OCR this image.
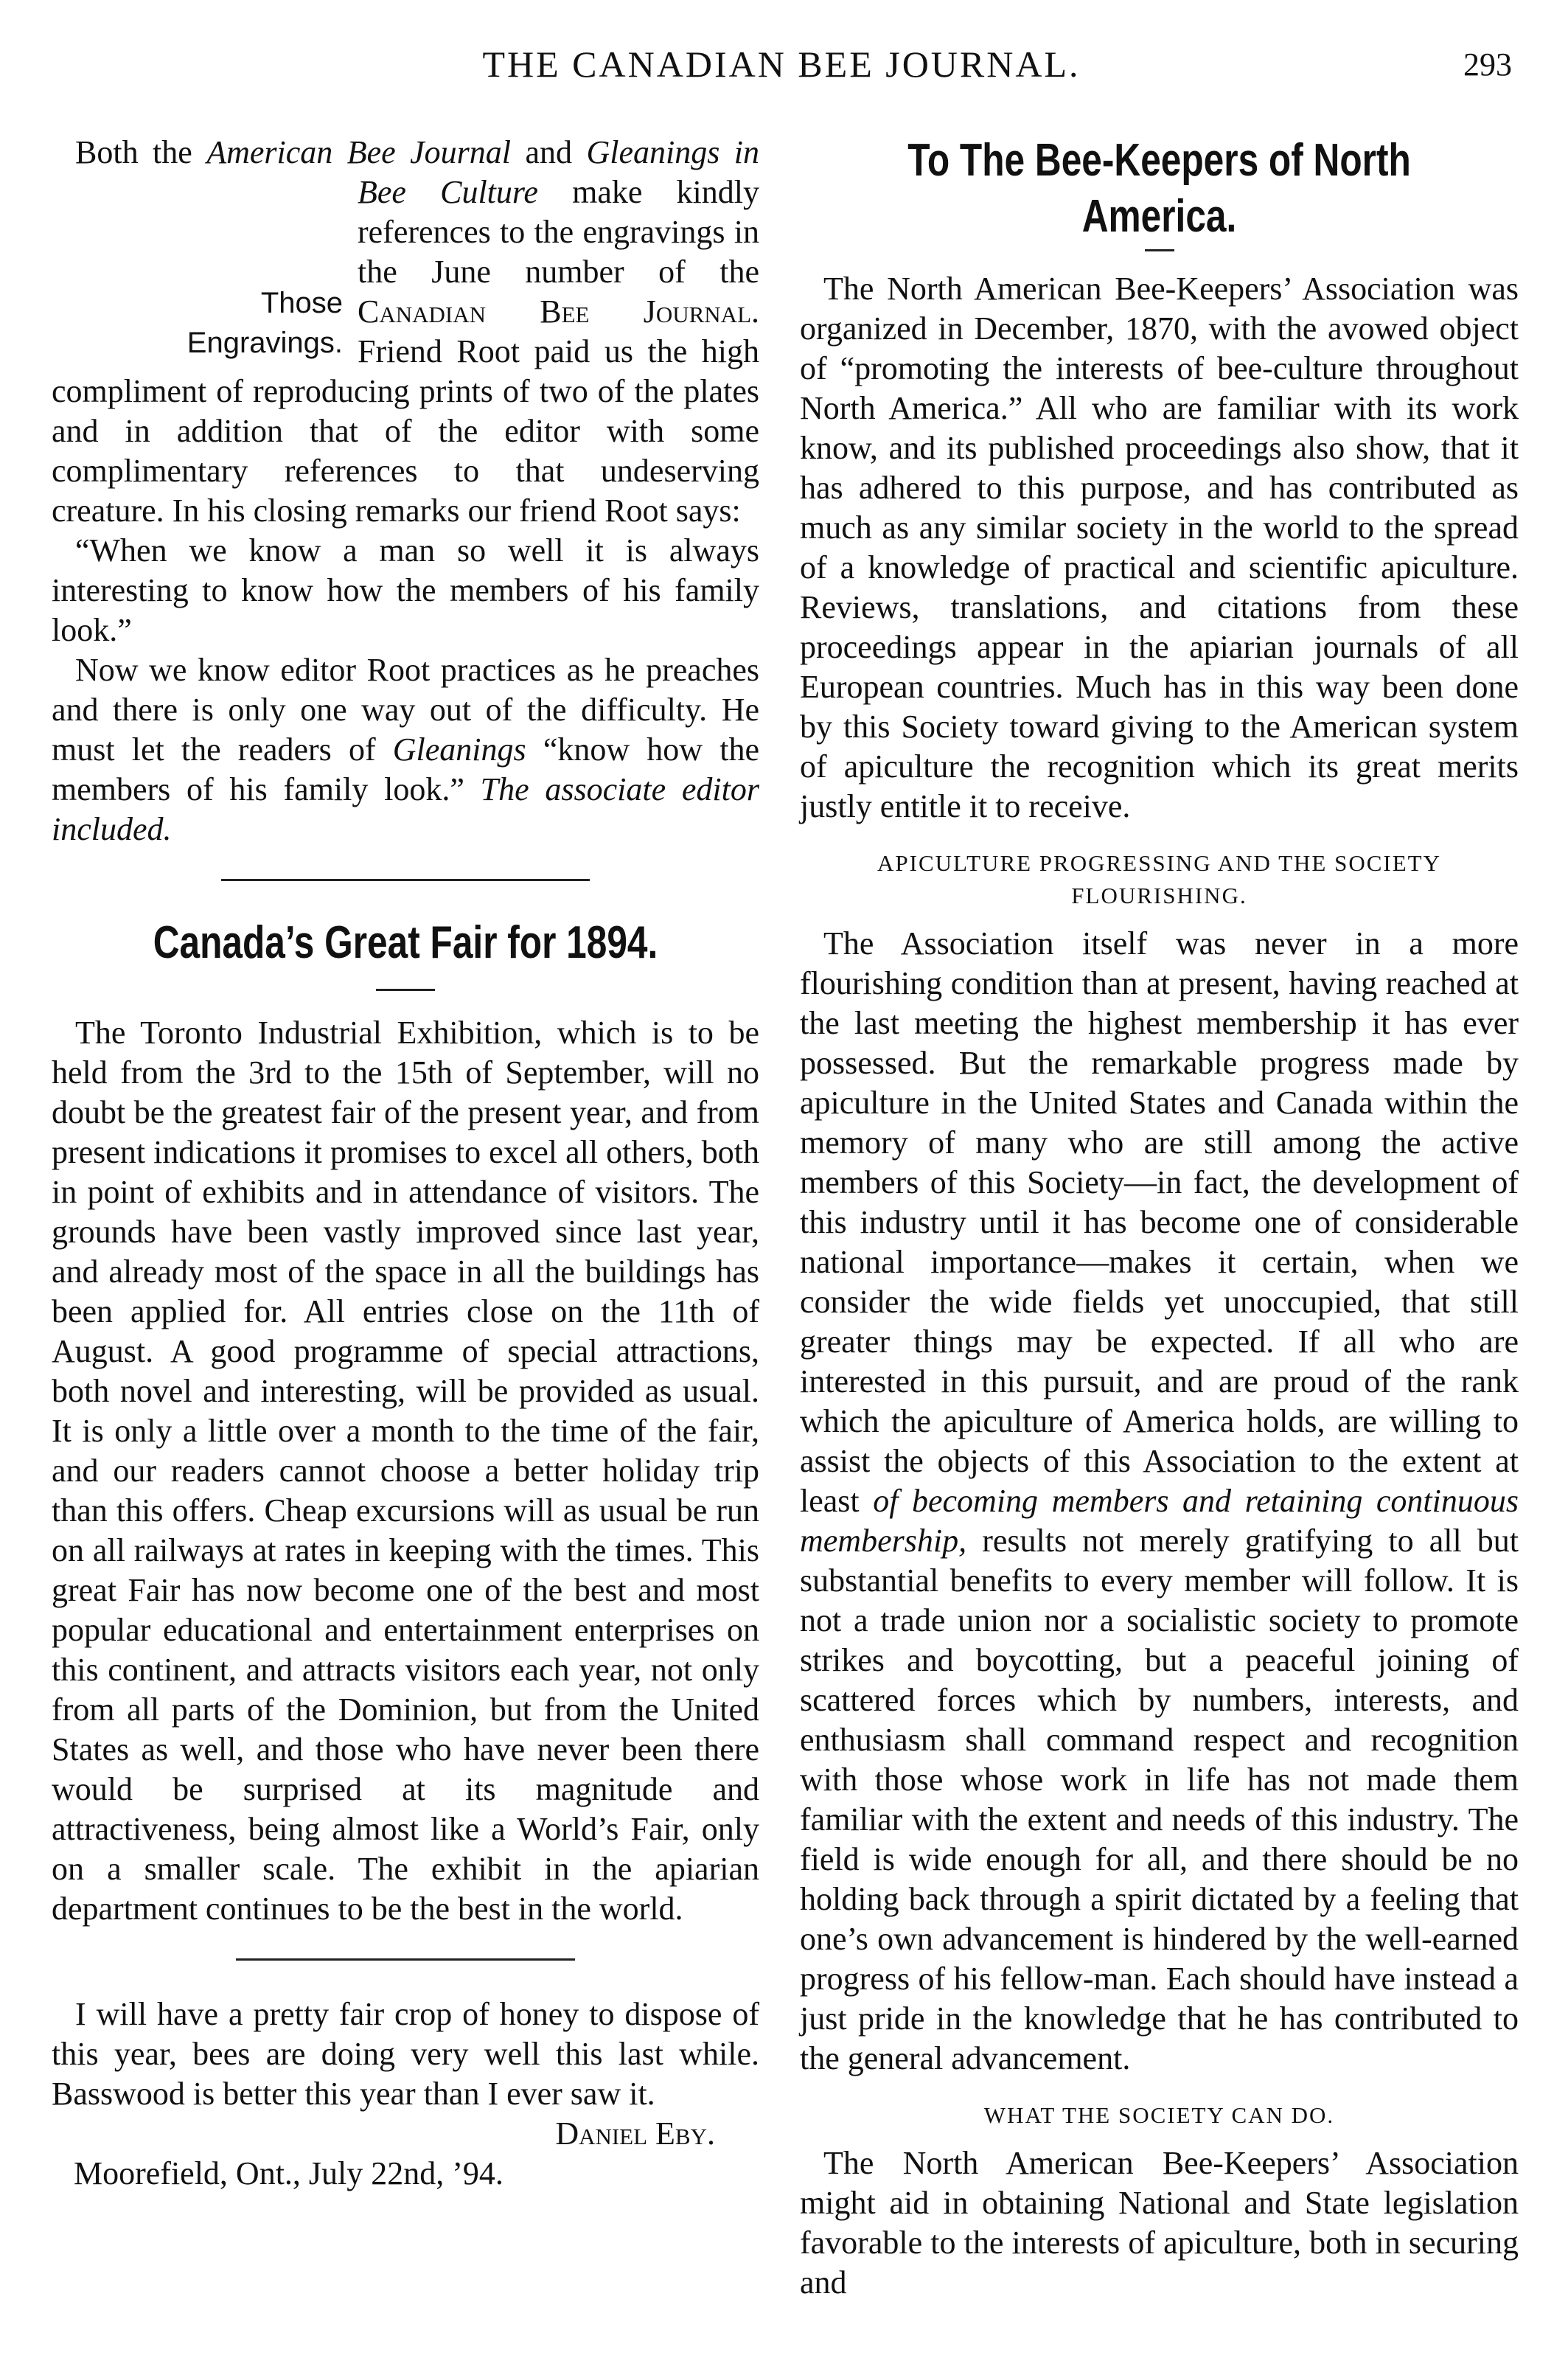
THE CANADIAN BEE JOURNAL.	293

Both the American Bee Journal and Gleanings in Bee Culture
Those
Engravings.
make kindly references to the engravings in the June number of the Canadian Bee Journal. Friend Root paid us the high compliment of reproducing prints of two of the plates and in addition that of the editor with some complimentary references to that undeserving creature. In his closing remarks our friend Root says:

“When we know a man so well it is always interesting to know how the members of his family look.”

Now we know editor Root practices as he preaches and there is only one way out of the difficulty. He must let the readers of Gleanings “know how the members of his family look.” The associate editor included.

Canada’s Great Fair for 1894.

The Toronto Industrial Exhibition, which is to be held from the 3rd to the 15th of September, will no doubt be the greatest fair of the present year, and from present indications it promises to excel all others, both in point of exhibits and in attendance of visitors. The grounds have been vastly improved since last year, and already most of the space in all the buildings has been applied for. All entries close on the 11th of August. A good programme of special attractions, both novel and interesting, will be provided as usual. It is only a little over a month to the time of the fair, and our readers cannot choose a better holiday trip than this offers. Cheap excursions will as usual be run on all railways at rates in keeping with the times. This great Fair has now become one of the best and most popular educational and entertainment enterprises on this continent, and attracts visitors each year, not only from all parts of the Dominion, but from the United States as well, and those who have never been there would be surprised at its magnitude and attractiveness, being almost like a World’s Fair, only on a smaller scale. The exhibit in the apiarian department continues to be the best in the world.

I will have a pretty fair crop of honey to dispose of this year, bees are doing very well this last while. Basswood is better this year than I ever saw it.

Daniel Eby.

Moorefield, Ont., July 22nd, ’94.

To The Bee-Keepers of North America.

The North American Bee-Keepers’ Association was organized in December, 1870, with the avowed object of “promoting the interests of bee-culture throughout North America.” All who are familiar with its work know, and its published proceedings also show, that it has adhered to this purpose, and has contributed as much as any similar society in the world to the spread of a knowledge of practical and scientific apiculture. Reviews, translations, and citations from these proceedings appear in the apiarian journals of all European countries. Much has in this way been done by this Society toward giving to the American system of apiculture the recognition which its great merits justly entitle it to receive.

APICULTURE PROGRESSING AND THE SOCIETY FLOURISHING.

The Association itself was never in a more flourishing condition than at present, having reached at the last meeting the highest membership it has ever possessed. But the remarkable progress made by apiculture in the United States and Canada within the memory of many who are still among the active members of this Society—in fact, the development of this industry until it has become one of considerable national importance—makes it certain, when we consider the wide fields yet unoccupied, that still greater things may be expected. If all who are interested in this pursuit, and are proud of the rank which the apiculture of America holds, are willing to assist the objects of this Association to the extent at least of becoming members and retaining continuous membership, results not merely gratifying to all but substantial benefits to every member will follow. It is not a trade union nor a socialistic society to promote strikes and boycotting, but a peaceful joining of scattered forces which by numbers, interests, and enthusiasm shall command respect and recognition with those whose work in life has not made them familiar with the extent and needs of this industry. The field is wide enough for all, and there should be no holding back through a spirit dictated by a feeling that one’s own advancement is hindered by the well-earned progress of his fellow-man. Each should have instead a just pride in the knowledge that he has contributed to the general advancement.

WHAT THE SOCIETY CAN DO.

The North American Bee-Keepers’ Association might aid in obtaining National and State legislation favorable to the interests of apiculture, both in securing and
